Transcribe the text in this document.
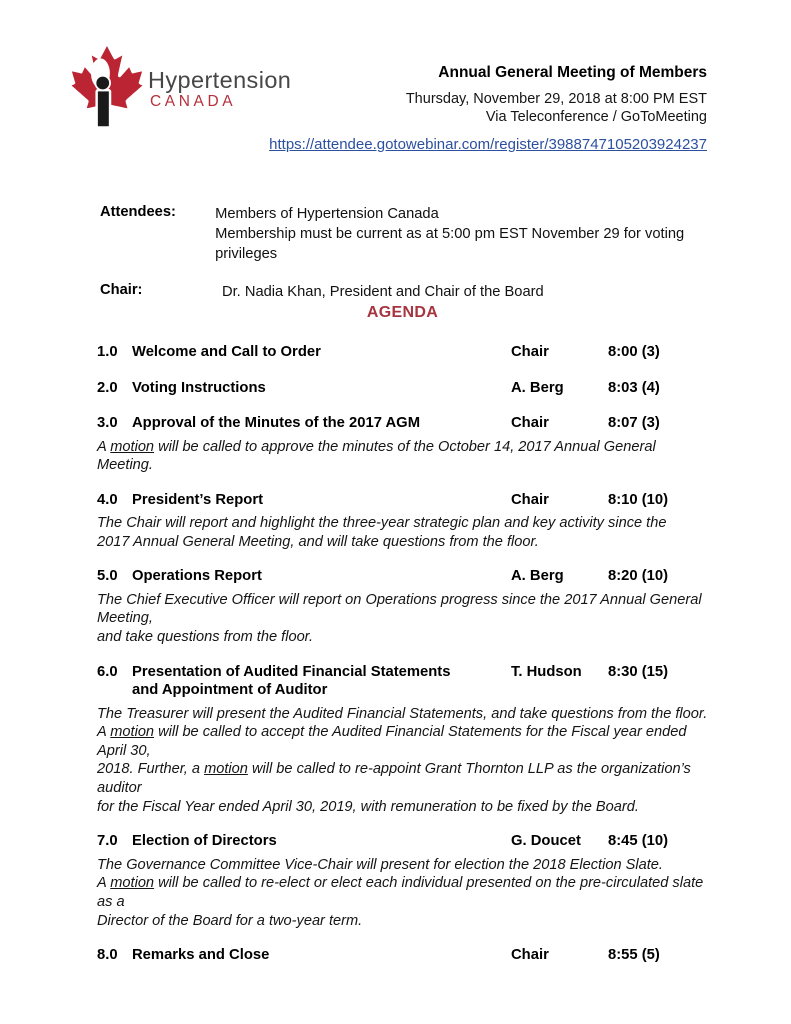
Hypertension
CANADA
Annual General Meeting of Members
Thursday, November 29, 2018 at 8:00 PM EST
Via Teleconference / GoToMeeting
https://attendee.gotowebinar.com/register/3988747105203924237
Attendees:	Members of Hypertension Canada
Membership must be current as at 5:00 pm EST November 29 for voting privileges
Chair:	Dr. Nadia Khan, President and Chair of the Board
AGENDA
1.0 Welcome and Call to Order	Chair	8:00 (3)
2.0 Voting Instructions	A. Berg	8:03 (4)
3.0 Approval of the Minutes of the 2017 AGM	Chair	8:07 (3)
A motion will be called to approve the minutes of the October 14, 2017 Annual General Meeting.
4.0 President’s Report	Chair	8:10 (10)
The Chair will report and highlight the three-year strategic plan and key activity since the
2017 Annual General Meeting, and will take questions from the floor.
5.0 Operations Report	A. Berg	8:20 (10)
The Chief Executive Officer will report on Operations progress since the 2017 Annual General Meeting,
and take questions from the floor.
6.0 Presentation of Audited Financial Statements
and Appointment of Auditor
T. Hudson	8:30 (15)
The Treasurer will present the Audited Financial Statements, and take questions from the floor.
A motion will be called to accept the Audited Financial Statements for the Fiscal year ended April 30,
2018. Further, a motion will be called to re-appoint Grant Thornton LLP as the organization’s auditor
for the Fiscal Year ended April 30, 2019, with remuneration to be fixed by the Board.
7.0 Election of Directors	G. Doucet	8:45 (10)
The Governance Committee Vice-Chair will present for election the 2018 Election Slate.
A motion will be called to re-elect or elect each individual presented on the pre-circulated slate as a
Director of the Board for a two-year term.
8.0 Remarks and Close	Chair	8:55 (5)
